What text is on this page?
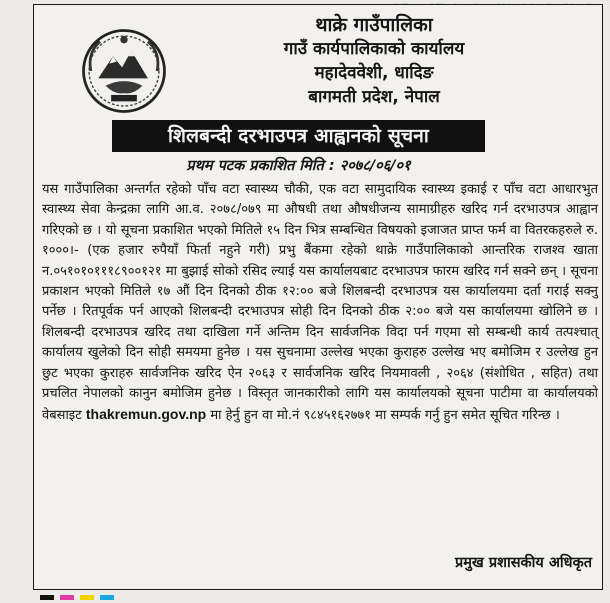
थाक्रे गाउँपालिका
गाउँ कार्यपालिकाको कार्यालय
महादेववेशी, धादिङ
बागमती प्रदेश, नेपाल
शिलबन्दी दरभाउपत्र आह्वानको सूचना
प्रथम पटक प्रकाशित मिति : २०७८/०६/०१
यस गाउँपालिका अन्तर्गत रहेको पाँच वटा स्वास्थ्य चौकी, एक वटा सामुदायिक स्वास्थ्य इकाई र पाँच वटा आधारभुत स्वास्थ्य सेवा केन्द्रका लागि आ.व. २०७८/०७९ मा औषधी तथा औषधीजन्य सामाग्रीहरु खरिद गर्न दरभाउपत्र आह्वान गरिएको छ । यो सूचना प्रकाशित भएको मितिले १५ दिन भित्र सम्बन्धित विषयको इजाजत प्राप्त फर्म वा वितरकहरुले रु. १०००।- (एक हजार रुपैयाँ फिर्ता नहुने गरी) प्रभु बैंकमा रहेको थाक्रे गाउँपालिकाको आन्तरिक राजश्व खाता न.०५१०१०१११८९००१२१ मा बुझाई सोको रसिद ल्याई यस कार्यालयबाट दरभाउपत्र फारम खरिद गर्न सक्ने छन् । सूचना प्रकाशन भएको मितिले १७ औं दिन दिनको ठीक १२:०० बजे शिलबन्दी दरभाउपत्र यस कार्यालयमा दर्ता गराई सक्नु पर्नेछ । रितपूर्वक पर्न आएको शिलबन्दी दरभाउपत्र सोही दिन दिनको ठीक २:०० बजे यस कार्यालयमा खोलिने छ । शिलबन्दी दरभाउपत्र खरिद तथा दाखिला गर्ने अन्तिम दिन सार्वजनिक विदा पर्न गएमा सो सम्बन्धी कार्य तत्पश्चात् कार्यालय खुलेको दिन सोही समयमा हुनेछ । यस सुचनामा उल्लेख भएका कुराहरु उल्लेख भए बमोजिम र उल्लेख हुन छुट भएका कुराहरु सार्वजनिक खरिद ऐन २०६३ र सार्वजनिक खरिद नियमावली , २०६४ (संशोधित , सहित) तथा प्रचलित नेपालको कानुन बमोजिम हुनेछ । विस्तृत जानकारीको लागि यस कार्यालयको सूचना पाटीमा वा कार्यालयको वेबसाइट thakremun.gov.np मा हेर्नु हुन वा मो.नं ९८४५१६२७७१ मा सम्पर्क गर्नु हुन समेत सूचित गरिन्छ ।
प्रमुख प्रशासकीय अधिकृत
